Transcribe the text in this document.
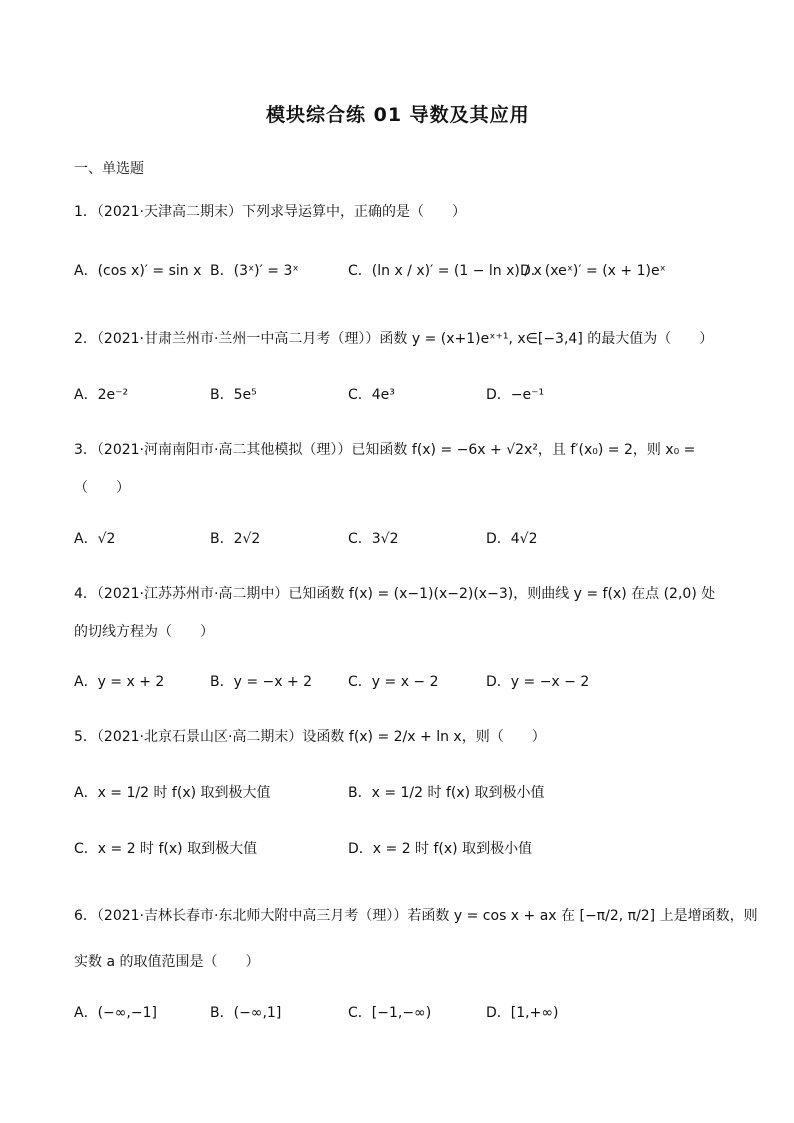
模块综合练 01 导数及其应用
一、单选题
1．（2021·天津高二期末）下列求导运算中，正确的是（　　）
A．(cos x)′ = sin x B．(3ˣ)′ = 3ˣ	C．(ln x / x)′ = (1 − ln x) / x
D．(xeˣ)′ = (x + 1)eˣ
2．（2021·甘肃兰州市·兰州一中高二月考（理））函数 y = (x+1)eˣ⁺¹, x∈[−3,4] 的最大值为（　　）
A．2e⁻²	B．5e⁵	C．4e³	D．−e⁻¹
3．（2021·河南南阳市·高二其他模拟（理））已知函数 f(x) = −6x + √2x²，且 f′(x₀) = 2，则 x₀ =
（　　）
A．√2	B．2√2	C．3√2	D．4√2
4．（2021·江苏苏州市·高二期中）已知函数 f(x) = (x−1)(x−2)(x−3)，则曲线 y = f(x) 在点 (2,0) 处
的切线方程为（　　）
A．y = x + 2	B．y = −x + 2	C．y = x − 2	D．y = −x − 2
5．（2021·北京石景山区·高二期末）设函数 f(x) = 2/x + ln x，则（　　）
A．x = 1/2 时 f(x) 取到极大值	B．x = 1/2 时 f(x) 取到极小值
C．x = 2 时 f(x) 取到极大值	D．x = 2 时 f(x) 取到极小值
6．（2021·吉林长春市·东北师大附中高三月考（理））若函数 y = cos x + ax 在 [−π/2, π/2] 上是增函数，则
实数 a 的取值范围是（　　）
A．(−∞,−1]	B．(−∞,1]	C．[−1,−∞)	D．[1,+∞)
